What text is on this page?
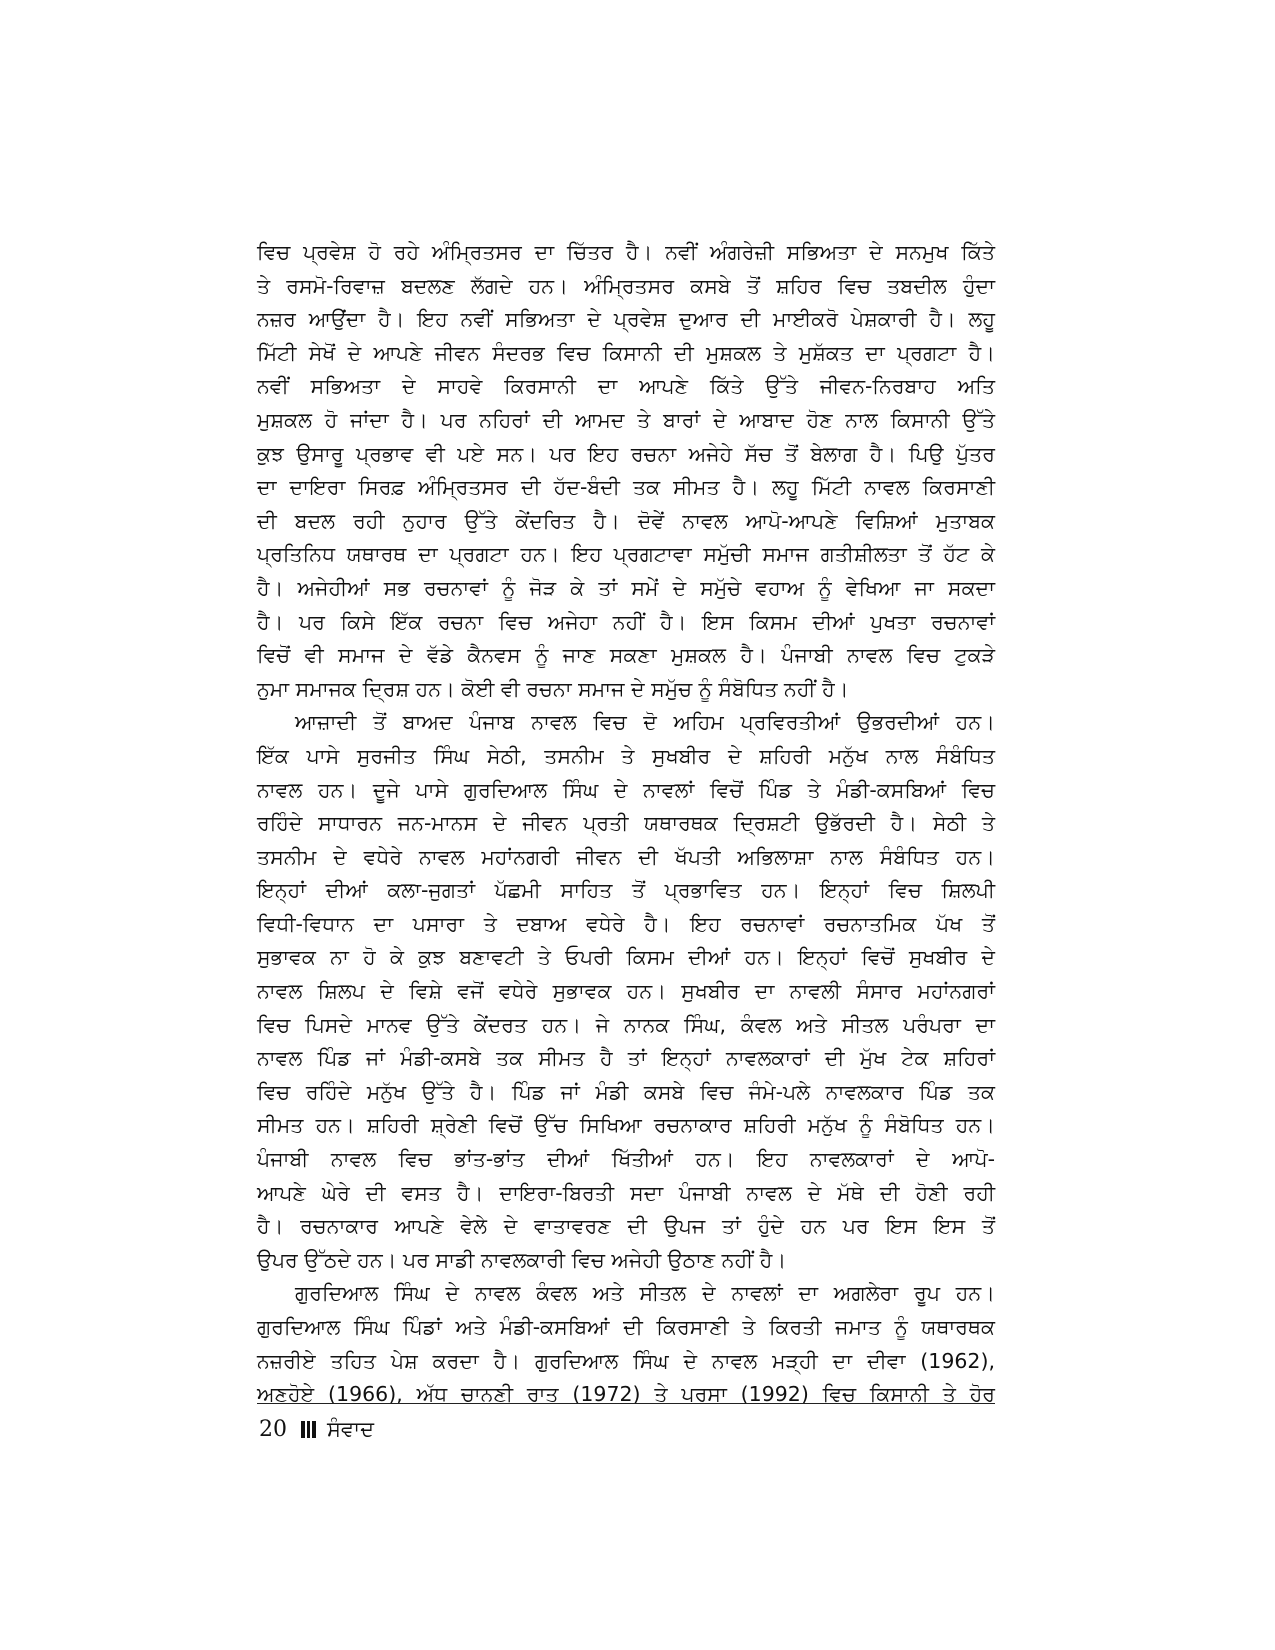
ਵਿਚ ਪ੍ਰਵੇਸ਼ ਹੋ ਰਹੇ ਅੰਮ੍ਰਿਤਸਰ ਦਾ ਚਿੱਤਰ ਹੈ। ਨਵੀਂ ਅੰਗਰੇਜ਼ੀ ਸਭਿਅਤਾ ਦੇ ਸਨਮੁਖ ਕਿੱਤੇ

ਤੇ ਰਸਮੋ-ਰਿਵਾਜ਼ ਬਦਲਣ ਲੱਗਦੇ ਹਨ। ਅੰਮ੍ਰਿਤਸਰ ਕਸਬੇ ਤੋਂ ਸ਼ਹਿਰ ਵਿਚ ਤਬਦੀਲ ਹੁੰਦਾ

ਨਜ਼ਰ ਆਉਂਦਾ ਹੈ। ਇਹ ਨਵੀਂ ਸਭਿਅਤਾ ਦੇ ਪ੍ਰਵੇਸ਼ ਦੁਆਰ ਦੀ ਮਾਈਕਰੋ ਪੇਸ਼ਕਾਰੀ ਹੈ। ਲਹੂ

ਮਿੱਟੀ ਸੇਖੋਂ ਦੇ ਆਪਣੇ ਜੀਵਨ ਸੰਦਰਭ ਵਿਚ ਕਿਸਾਨੀ ਦੀ ਮੁਸ਼ਕਲ ਤੇ ਮੁਸ਼ੱਕਤ ਦਾ ਪ੍ਰਗਟਾ ਹੈ।

ਨਵੀਂ ਸਭਿਅਤਾ ਦੇ ਸਾਹਵੇ ਕਿਰਸਾਨੀ ਦਾ ਆਪਣੇ ਕਿੱਤੇ ਉੱਤੇ ਜੀਵਨ-ਨਿਰਬਾਹ ਅਤਿ

ਮੁਸ਼ਕਲ ਹੋ ਜਾਂਦਾ ਹੈ। ਪਰ ਨਹਿਰਾਂ ਦੀ ਆਮਦ ਤੇ ਬਾਰਾਂ ਦੇ ਆਬਾਦ ਹੋਣ ਨਾਲ ਕਿਸਾਨੀ ਉੱਤੇ

ਕੁਝ ਉਸਾਰੂ ਪ੍ਰਭਾਵ ਵੀ ਪਏ ਸਨ। ਪਰ ਇਹ ਰਚਨਾ ਅਜੇਹੇ ਸੱਚ ਤੋਂ ਬੇਲਾਗ ਹੈ। ਪਿਉ ਪੁੱਤਰ

ਦਾ ਦਾਇਰਾ ਸਿਰਫ਼ ਅੰਮ੍ਰਿਤਸਰ ਦੀ ਹੱਦ-ਬੰਦੀ ਤਕ ਸੀਮਤ ਹੈ। ਲਹੂ ਮਿੱਟੀ ਨਾਵਲ ਕਿਰਸਾਣੀ

ਦੀ ਬਦਲ ਰਹੀ ਨੁਹਾਰ ਉੱਤੇ ਕੇਂਦਰਿਤ ਹੈ। ਦੋਵੇਂ ਨਾਵਲ ਆਪੋ-ਆਪਣੇ ਵਿਸ਼ਿਆਂ ਮੁਤਾਬਕ

ਪ੍ਰਤਿਨਿਧ ਯਥਾਰਥ ਦਾ ਪ੍ਰਗਟਾ ਹਨ। ਇਹ ਪ੍ਰਗਟਾਵਾ ਸਮੁੱਚੀ ਸਮਾਜ ਗਤੀਸ਼ੀਲਤਾ ਤੋਂ ਹੱਟ ਕੇ

ਹੈ। ਅਜੇਹੀਆਂ ਸਭ ਰਚਨਾਵਾਂ ਨੂੰ ਜੋੜ ਕੇ ਤਾਂ ਸਮੇਂ ਦੇ ਸਮੁੱਚੇ ਵਹਾਅ ਨੂੰ ਵੇਖਿਆ ਜਾ ਸਕਦਾ

ਹੈ। ਪਰ ਕਿਸੇ ਇੱਕ ਰਚਨਾ ਵਿਚ ਅਜੇਹਾ ਨਹੀਂ ਹੈ। ਇਸ ਕਿਸਮ ਦੀਆਂ ਪੁਖਤਾ ਰਚਨਾਵਾਂ

ਵਿਚੋਂ ਵੀ ਸਮਾਜ ਦੇ ਵੱਡੇ ਕੈਨਵਸ ਨੂੰ ਜਾਣ ਸਕਣਾ ਮੁਸ਼ਕਲ ਹੈ। ਪੰਜਾਬੀ ਨਾਵਲ ਵਿਚ ਟੁਕੜੇ

ਨੁਮਾ ਸਮਾਜਕ ਦ੍ਰਿਸ਼ ਹਨ। ਕੋਈ ਵੀ ਰਚਨਾ ਸਮਾਜ ਦੇ ਸਮੁੱਚ ਨੂੰ ਸੰਬੋਧਿਤ ਨਹੀਂ ਹੈ।

ਆਜ਼ਾਦੀ ਤੋਂ ਬਾਅਦ ਪੰਜਾਬ ਨਾਵਲ ਵਿਚ ਦੋ ਅਹਿਮ ਪ੍ਰਵਿਰਤੀਆਂ ਉਭਰਦੀਆਂ ਹਨ।

ਇੱਕ ਪਾਸੇ ਸੁਰਜੀਤ ਸਿੰਘ ਸੇਠੀ, ਤਸਨੀਮ ਤੇ ਸੁਖਬੀਰ ਦੇ ਸ਼ਹਿਰੀ ਮਨੁੱਖ ਨਾਲ ਸੰਬੰਧਿਤ

ਨਾਵਲ ਹਨ। ਦੂਜੇ ਪਾਸੇ ਗੁਰਦਿਆਲ ਸਿੰਘ ਦੇ ਨਾਵਲਾਂ ਵਿਚੋਂ ਪਿੰਡ ਤੇ ਮੰਡੀ-ਕਸਬਿਆਂ ਵਿਚ

ਰਹਿੰਦੇ ਸਾਧਾਰਨ ਜਨ-ਮਾਨਸ ਦੇ ਜੀਵਨ ਪ੍ਰਤੀ ਯਥਾਰਥਕ ਦ੍ਰਿਸ਼ਟੀ ਉਭੱਰਦੀ ਹੈ। ਸੇਠੀ ਤੇ

ਤਸਨੀਮ ਦੇ ਵਧੇਰੇ ਨਾਵਲ ਮਹਾਂਨਗਰੀ ਜੀਵਨ ਦੀ ਖੱਪਤੀ ਅਭਿਲਾਸ਼ਾ ਨਾਲ ਸੰਬੰਧਿਤ ਹਨ।

ਇਨ੍ਹਾਂ ਦੀਆਂ ਕਲਾ-ਜੁਗਤਾਂ ਪੱਛਮੀ ਸਾਹਿਤ ਤੋਂ ਪ੍ਰਭਾਵਿਤ ਹਨ। ਇਨ੍ਹਾਂ ਵਿਚ ਸ਼ਿਲਪੀ

ਵਿਧੀ-ਵਿਧਾਨ ਦਾ ਪਸਾਰਾ ਤੇ ਦਬਾਅ ਵਧੇਰੇ ਹੈ। ਇਹ ਰਚਨਾਵਾਂ ਰਚਨਾਤਮਿਕ ਪੱਖ ਤੋਂ

ਸੁਭਾਵਕ ਨਾ ਹੋ ਕੇ ਕੁਝ ਬਣਾਵਟੀ ਤੇ ਓਪਰੀ ਕਿਸਮ ਦੀਆਂ ਹਨ। ਇਨ੍ਹਾਂ ਵਿਚੋਂ ਸੁਖਬੀਰ ਦੇ

ਨਾਵਲ ਸ਼ਿਲਪ ਦੇ ਵਿਸ਼ੇ ਵਜੋਂ ਵਧੇਰੇ ਸੁਭਾਵਕ ਹਨ। ਸੁਖਬੀਰ ਦਾ ਨਾਵਲੀ ਸੰਸਾਰ ਮਹਾਂਨਗਰਾਂ

ਵਿਚ ਪਿਸਦੇ ਮਾਨਵ ਉੱਤੇ ਕੇਂਦਰਤ ਹਨ। ਜੇ ਨਾਨਕ ਸਿੰਘ, ਕੰਵਲ ਅਤੇ ਸੀਤਲ ਪਰੰਪਰਾ ਦਾ

ਨਾਵਲ ਪਿੰਡ ਜਾਂ ਮੰਡੀ-ਕਸਬੇ ਤਕ ਸੀਮਤ ਹੈ ਤਾਂ ਇਨ੍ਹਾਂ ਨਾਵਲਕਾਰਾਂ ਦੀ ਮੁੱਖ ਟੇਕ ਸ਼ਹਿਰਾਂ

ਵਿਚ ਰਹਿੰਦੇ ਮਨੁੱਖ ਉੱਤੇ ਹੈ। ਪਿੰਡ ਜਾਂ ਮੰਡੀ ਕਸਬੇ ਵਿਚ ਜੰਮੇ-ਪਲੇ ਨਾਵਲਕਾਰ ਪਿੰਡ ਤਕ

ਸੀਮਤ ਹਨ। ਸ਼ਹਿਰੀ ਸ਼੍ਰੇਣੀ ਵਿਚੋਂ ਉੱਚ ਸਿਖਿਆ ਰਚਨਾਕਾਰ ਸ਼ਹਿਰੀ ਮਨੁੱਖ ਨੂੰ ਸੰਬੋਧਿਤ ਹਨ।

ਪੰਜਾਬੀ ਨਾਵਲ ਵਿਚ ਭਾਂਤ-ਭਾਂਤ ਦੀਆਂ ਖਿੱਤੀਆਂ ਹਨ। ਇਹ ਨਾਵਲਕਾਰਾਂ ਦੇ ਆਪੋ-

ਆਪਣੇ ਘੇਰੇ ਦੀ ਵਸਤ ਹੈ। ਦਾਇਰਾ-ਬਿਰਤੀ ਸਦਾ ਪੰਜਾਬੀ ਨਾਵਲ ਦੇ ਮੱਥੇ ਦੀ ਹੋਣੀ ਰਹੀ

ਹੈ। ਰਚਨਾਕਾਰ ਆਪਣੇ ਵੇਲੇ ਦੇ ਵਾਤਾਵਰਣ ਦੀ ਉਪਜ ਤਾਂ ਹੁੰਦੇ ਹਨ ਪਰ ਇਸ ਇਸ ਤੋਂ

ਉਪਰ ਉੱਠਦੇ ਹਨ। ਪਰ ਸਾਡੀ ਨਾਵਲਕਾਰੀ ਵਿਚ ਅਜੇਹੀ ਉਠਾਣ ਨਹੀਂ ਹੈ।

ਗੁਰਦਿਆਲ ਸਿੰਘ ਦੇ ਨਾਵਲ ਕੰਵਲ ਅਤੇ ਸੀਤਲ ਦੇ ਨਾਵਲਾਂ ਦਾ ਅਗਲੇਰਾ ਰੂਪ ਹਨ।

ਗੁਰਦਿਆਲ ਸਿੰਘ ਪਿੰਡਾਂ ਅਤੇ ਮੰਡੀ-ਕਸਬਿਆਂ ਦੀ ਕਿਰਸਾਣੀ ਤੇ ਕਿਰਤੀ ਜਮਾਤ ਨੂੰ ਯਥਾਰਥਕ

ਨਜ਼ਰੀਏ ਤਹਿਤ ਪੇਸ਼ ਕਰਦਾ ਹੈ। ਗੁਰਦਿਆਲ ਸਿੰਘ ਦੇ ਨਾਵਲ ਮੜ੍ਹੀ ਦਾ ਦੀਵਾ (1962),

ਅਣਹੋਏ (1966), ਅੱਧ ਚਾਨਣੀ ਰਾਤ (1972) ਤੇ ਪਰਸਾ (1992) ਵਿਚ ਕਿਸਾਨੀ ਤੇ ਹੋਰ

20 ਸੰਵਾਦ
